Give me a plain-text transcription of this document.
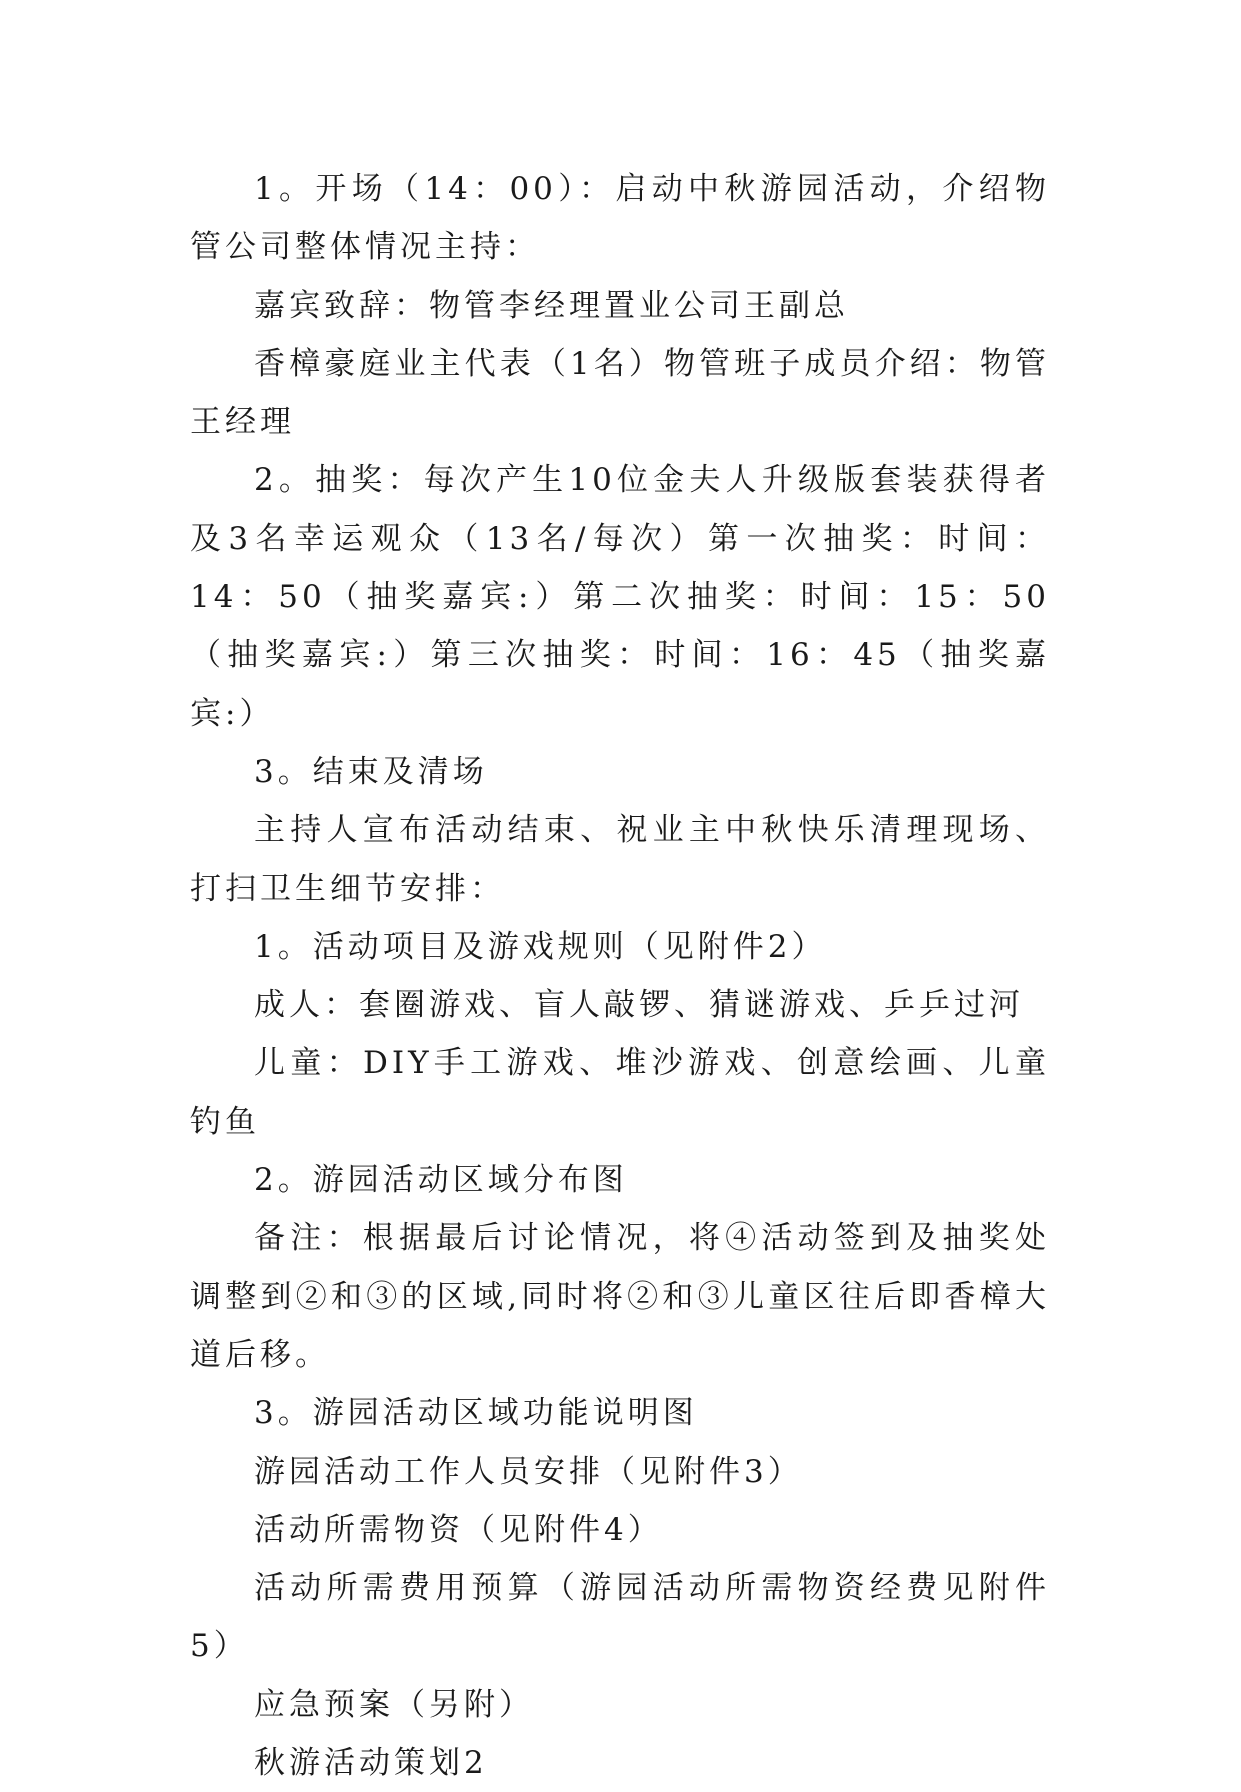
1。开场（14：00）：启动中秋游园活动，介绍物管公司整体情况主持：

嘉宾致辞：物管李经理置业公司王副总

香樟豪庭业主代表（1名）物管班子成员介绍：物管王经理

2。抽奖：每次产生10位金夫人升级版套装获得者及3名幸运观众（13名/每次）第一次抽奖：时间：14：50（抽奖嘉宾:）第二次抽奖：时间：15：50（抽奖嘉宾:）第三次抽奖：时间：16：45（抽奖嘉宾:）

3。结束及清场

主持人宣布活动结束、祝业主中秋快乐清理现场、打扫卫生细节安排：

1。活动项目及游戏规则（见附件2）

成人：套圈游戏、盲人敲锣、猜谜游戏、乒乒过河

儿童：DIY手工游戏、堆沙游戏、创意绘画、儿童钓鱼

2。游园活动区域分布图

备注：根据最后讨论情况，将④活动签到及抽奖处调整到②和③的区域,同时将②和③儿童区往后即香樟大道后移。

3。游园活动区域功能说明图

游园活动工作人员安排（见附件3）

活动所需物资（见附件4）

活动所需费用预算（游园活动所需物资经费见附件5）

应急预案（另附）

秋游活动策划2
